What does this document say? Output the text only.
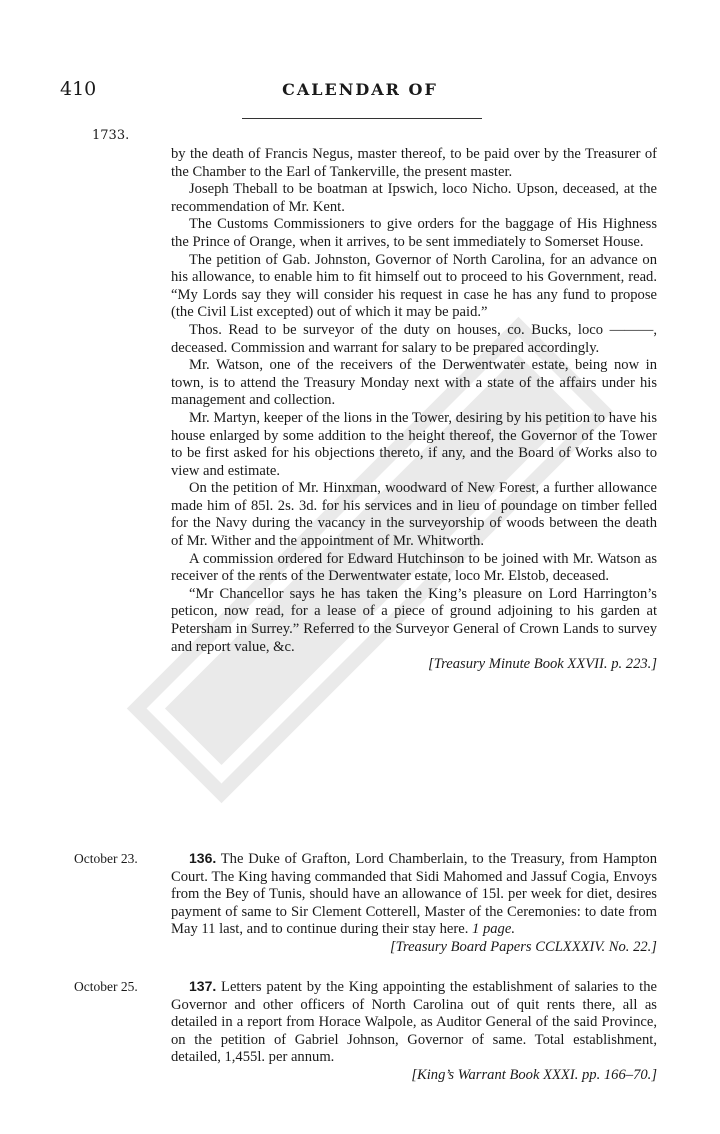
410	CALENDAR OF
1733.

by the death of Francis Negus, master thereof, to be paid over by the Treasurer of the Chamber to the Earl of Tankerville, the present master.

Joseph Theball to be boatman at Ipswich, loco Nicho. Upson, deceased, at the recommendation of Mr. Kent.

The Customs Commissioners to give orders for the baggage of His Highness the Prince of Orange, when it arrives, to be sent immediately to Somerset House.

The petition of Gab. Johnston, Governor of North Carolina, for an advance on his allowance, to enable him to fit himself out to proceed to his Government, read. “My Lords say they will consider his request in case he has any fund to propose (the Civil List excepted) out of which it may be paid.”

Thos. Read to be surveyor of the duty on houses, co. Bucks, loco ———, deceased. Commission and warrant for salary to be prepared accordingly.

Mr. Watson, one of the receivers of the Derwentwater estate, being now in town, is to attend the Treasury Monday next with a state of the affairs under his management and collection.

Mr. Martyn, keeper of the lions in the Tower, desiring by his petition to have his house enlarged by some addition to the height thereof, the Governor of the Tower to be first asked for his objections thereto, if any, and the Board of Works also to view and estimate.

On the petition of Mr. Hinxman, woodward of New Forest, a further allowance made him of 85l. 2s. 3d. for his services and in lieu of poundage on timber felled for the Navy during the vacancy in the surveyorship of woods between the death of Mr. Wither and the appointment of Mr. Whitworth.

A commission ordered for Edward Hutchinson to be joined with Mr. Watson as receiver of the rents of the Derwentwater estate, loco Mr. Elstob, deceased.

“Mr Chancellor says he has taken the King’s pleasure on Lord Harrington’s peticon, now read, for a lease of a piece of ground adjoining to his garden at Petersham in Surrey.” Referred to the Surveyor General of Crown Lands to survey and report value, &c.

[Treasury Minute Book XXVII. p. 223.]
October 23.	136. The Duke of Grafton, Lord Chamberlain, to the Treasury, from Hampton Court. The King having commanded that Sidi Mahomed and Jassuf Cogia, Envoys from the Bey of Tunis, should have an allowance of 15l. per week for diet, desires payment of same to Sir Clement Cotterell, Master of the Ceremonies: to date from May 11 last, and to continue during their stay here. 1 page.
[Treasury Board Papers CCLXXXIV. No. 22.]
October 25.	137. Letters patent by the King appointing the establishment of salaries to the Governor and other officers of North Carolina out of quit rents there, all as detailed in a report from Horace Walpole, as Auditor General of the said Province, on the petition of Gabriel Johnson, Governor of same. Total establishment, detailed, 1,455l. per annum.
[King’s Warrant Book XXXI. pp. 166–70.]
